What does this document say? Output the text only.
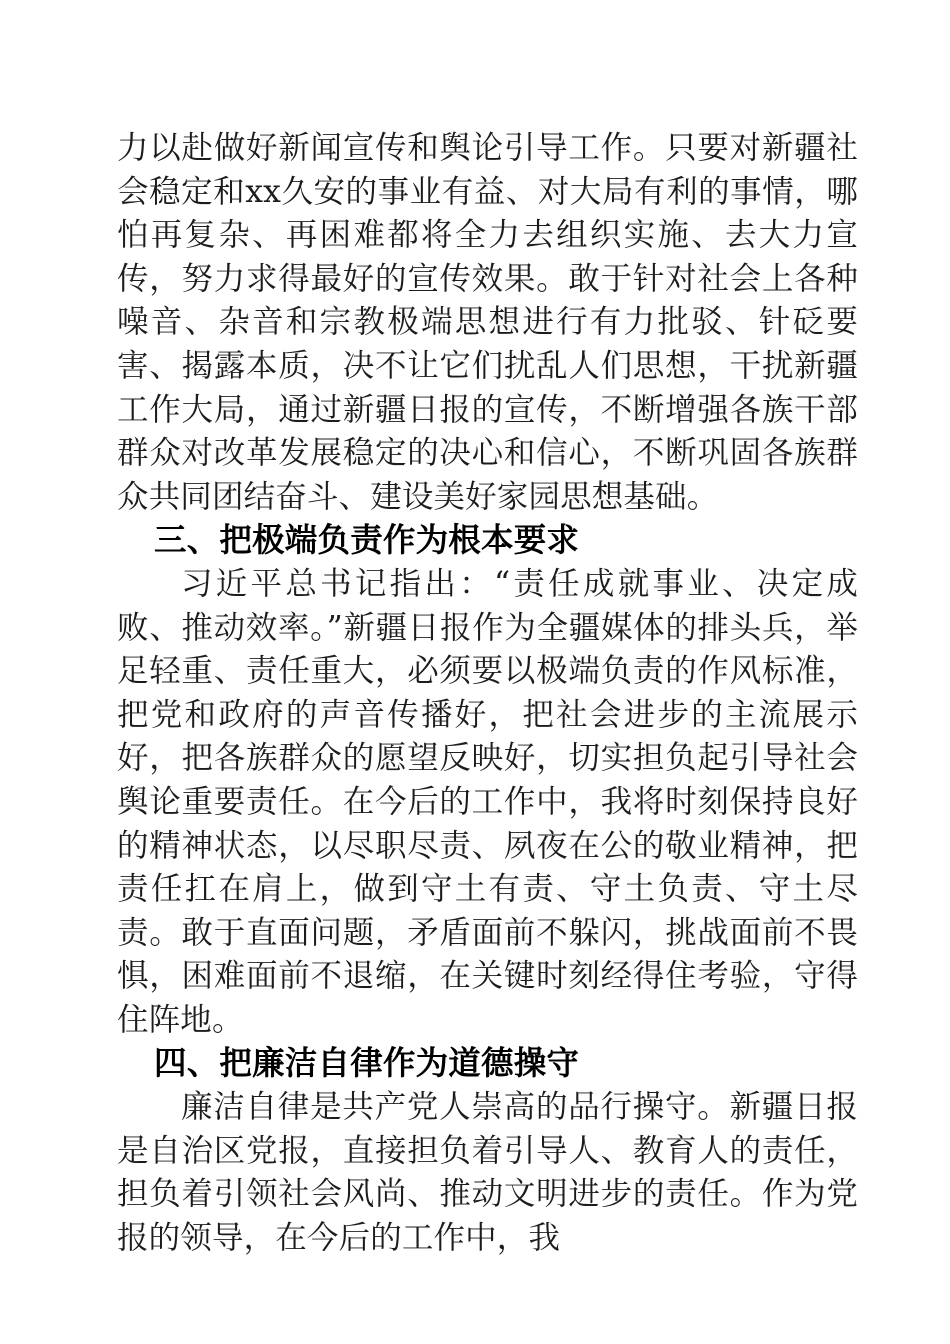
力以赴做好新闻宣传和舆论引导工作。只要对新疆社会稳定和xx久安的事业有益、对大局有利的事情，哪怕再复杂、再困难都将全力去组织实施、去大力宣传，努力求得最好的宣传效果。敢于针对社会上各种噪音、杂音和宗教极端思想进行有力批驳、针砭要害、揭露本质，决不让它们扰乱人们思想，干扰新疆工作大局，通过新疆日报的宣传，不断增强各族干部群众对改革发展稳定的决心和信心，不断巩固各族群众共同团结奋斗、建设美好家园思想基础。

三、把极端负责作为根本要求

习近平总书记指出：“责任成就事业、决定成败、推动效率。”新疆日报作为全疆媒体的排头兵，举足轻重、责任重大，必须要以极端负责的作风标准，把党和政府的声音传播好，把社会进步的主流展示好，把各族群众的愿望反映好，切实担负起引导社会舆论重要责任。在今后的工作中，我将时刻保持良好的精神状态，以尽职尽责、夙夜在公的敬业精神，把责任扛在肩上，做到守土有责、守土负责、守土尽责。敢于直面问题，矛盾面前不躲闪，挑战面前不畏惧，困难面前不退缩，在关键时刻经得住考验，守得住阵地。

四、把廉洁自律作为道德操守

廉洁自律是共产党人崇高的品行操守。新疆日报是自治区党报，直接担负着引导人、教育人的责任，担负着引领社会风尚、推动文明进步的责任。作为党报的领导，在今后的工作中，我
